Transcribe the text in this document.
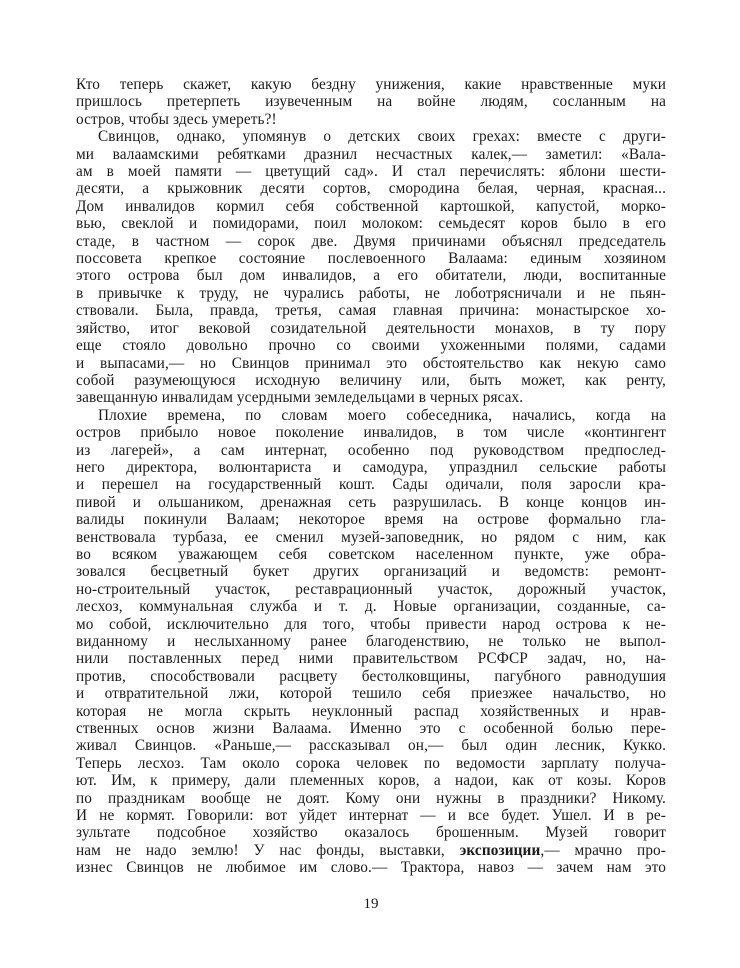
Кто теперь скажет, какую бездну унижения, какие нравственные муки
пришлось претерпеть изувеченным на войне людям, сосланным на
остров, чтобы здесь умереть?!
Свинцов, однако, упомянув о детских своих грехах: вместе с други-
ми валаамскими ребятками дразнил несчастных калек,— заметил: «Вала-
ам в моей памяти — цветущий сад». И стал перечислять: яблони шести-
десяти, а крыжовник десяти сортов, смородина белая, черная, красная...
Дом инвалидов кормил себя собственной картошкой, капустой, морко-
вью, свеклой и помидорами, поил молоком: семьдесят коров было в его
стаде, в частном — сорок две. Двумя причинами объяснял председатель
поссовета крепкое состояние послевоенного Валаама: единым хозяином
этого острова был дом инвалидов, а его обитатели, люди, воспитанные
в привычке к труду, не чурались работы, не лоботрясничали и не пьян-
ствовали. Была, правда, третья, самая главная причина: монастырское хо-
зяйство, итог вековой созидательной деятельности монахов, в ту пору
еще стояло довольно прочно со своими ухоженными полями, садами
и выпасами,— но Свинцов принимал это обстоятельство как некую само
собой разумеющуюся исходную величину или, быть может, как ренту,
завещанную инвалидам усердными земледельцами в черных рясах.
Плохие времена, по словам моего собеседника, начались, когда на
остров прибыло новое поколение инвалидов, в том числе «контингент
из лагерей», а сам интернат, особенно под руководством предпослед-
него директора, волюнтариста и самодура, упразднил сельские работы
и перешел на государственный кошт. Сады одичали, поля заросли кра-
пивой и ольшаником, дренажная сеть разрушилась. В конце концов ин-
валиды покинули Валаам; некоторое время на острове формально гла-
венствовала турбаза, ее сменил музей-заповедник, но рядом с ним, как
во всяком уважающем себя советском населенном пункте, уже обра-
зовался бесцветный букет других организаций и ведомств: ремонт-
но-строительный участок, реставрационный участок, дорожный участок,
лесхоз, коммунальная служба и т. д. Новые организации, созданные, са-
мо собой, исключительно для того, чтобы привести народ острова к не-
виданному и неслыханному ранее благоденствию, не только не выпол-
нили поставленных перед ними правительством РСФСР задач, но, на-
против, способствовали расцвету бестолковщины, пагубного равнодушия
и отвратительной лжи, которой тешило себя приезжее начальство, но
которая не могла скрыть неуклонный распад хозяйственных и нрав-
ственных основ жизни Валаама. Именно это с особенной болью пере-
живал Свинцов. «Раньше,— рассказывал он,— был один лесник, Кукко.
Теперь лесхоз. Там около сорока человек по ведомости зарплату получа-
ют. Им, к примеру, дали племенных коров, а надои, как от козы. Коров
по праздникам вообще не доят. Кому они нужны в праздники? Никому.
И не кормят. Говорили: вот уйдет интернат — и все будет. Ушел. И в ре-
зультате подсобное хозяйство оказалось брошенным. Музей говорит
нам не надо землю! У нас фонды, выставки, экспозиции,— мрачно про-
изнес Свинцов не любимое им слово.— Трактора, навоз — зачем нам это
19
